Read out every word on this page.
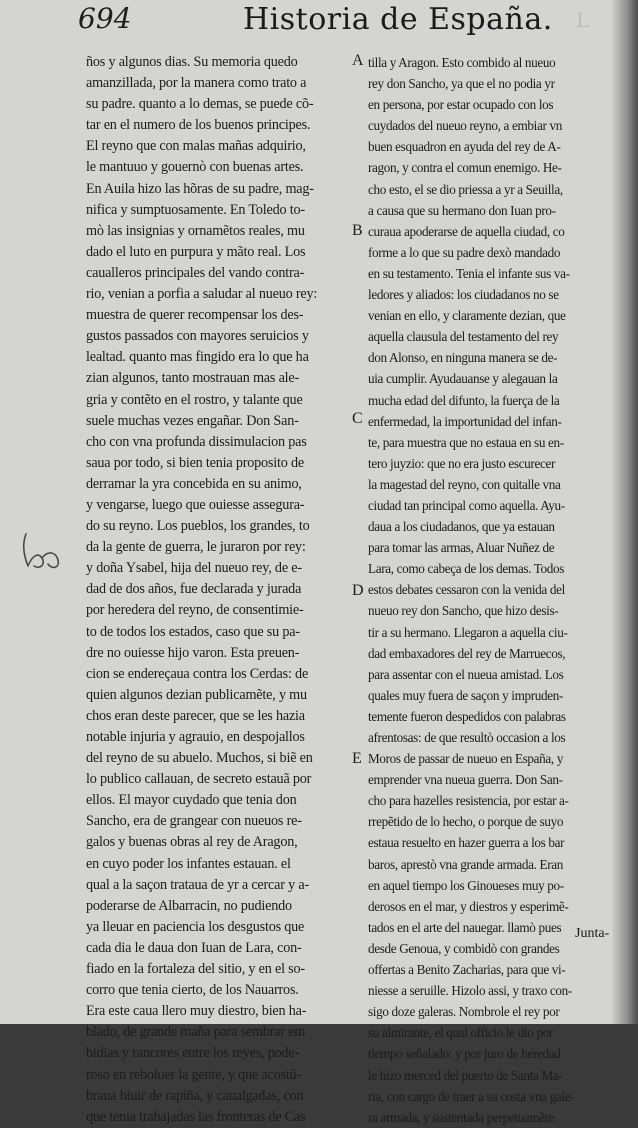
694	Historia de España. L
ños y algunos dias. Su memoria quedo
amanzillada, por la manera como trato a
su padre. quanto a lo demas, se puede cõ-
tar en el numero de los buenos principes.
El reyno que con malas mañas adquirio,
le mantuuo y gouernò con buenas artes.
En Auila hizo las hõras de su padre, mag-
nifica y sumptuosamente. En Toledo to-
mò las insignias y ornamẽtos reales, mu
dado el luto en purpura y mãto real. Los
caualleros principales del vando contra-
rio, venian a porfia a saludar al nueuo rey:
muestra de querer recompensar los des-
gustos passados con mayores seruicios y
lealtad. quanto mas fingido era lo que ha
zian algunos, tanto mostrauan mas ale-
gria y contẽto en el rostro, y talante que
suele muchas vezes engañar. Don San-
cho con vna profunda dissimulacion pas
saua por todo, si bien tenia proposito de
derramar la yra concebida en su animo,
y vengarse, luego que ouiesse assegura-
do su reyno. Los pueblos, los grandes, to
da la gente de guerra, le juraron por rey:
y doña Ysabel, hija del nueuo rey, de e-
dad de dos años, fue declarada y jurada
por heredera del reyno, de consentimie-
to de todos los estados, caso que su pa-
dre no ouiesse hijo varon. Esta preuen-
cion se endereçaua contra los Cerdas: de
quien algunos dezian publicamẽte, y mu
chos eran deste parecer, que se les hazia
notable injuria y agrauio, en despojallos
del reyno de su abuelo. Muchos, si biẽ en
lo publico callauan, de secreto estauã por
ellos. El mayor cuydado que tenia don
Sancho, era de grangear con nueuos re-
galos y buenas obras al rey de Aragon,
en cuyo poder los infantes estauan. el
qual a la saçon trataua de yr a cercar y a-
poderarse de Albarracin, no pudiendo
ya lleuar en paciencia los desgustos que
cada dia le daua don Iuan de Lara, con-
fiado en la fortaleza del sitio, y en el so-
corro que tenia cierto, de los Nauarros.
Era este caua llero muy diestro, bien ha-
blado, de grande maña para sembrar em
bidias y rancores entre los reyes, pode-
roso en reboluer la gente, y que acostũ-
braua biuir de rapiña, y caualgadas, con
que tenia trabajadas las fronteras de Cas
tilla y Aragon. Esto combido al nueuo
rey don Sancho, ya que el no podia yr
en persona, por estar ocupado con los
cuydados del nueuo reyno, a embiar vn
buen esquadron en ayuda del rey de A-
ragon, y contra el comun enemigo. He-
cho esto, el se dio priessa a yr a Seuilla,
a causa que su hermano don Iuan pro-
curaua apoderarse de aquella ciudad, co
forme a lo que su padre dexò mandado
en su testamento. Tenia el infante sus va-
ledores y aliados: los ciudadanos no se
venian en ello, y claramente dezian, que
aquella clausula del testamento del rey
don Alonso, en ninguna manera se de-
uia cumplir. Ayudauanse y alegauan la
mucha edad del difunto, la fuerça de la
enfermedad, la importunidad del infan-
te, para muestra que no estaua en su en-
tero juyzio: que no era justo escurecer
la magestad del reyno, con quitalle vna
ciudad tan principal como aquella. Ayu-
daua a los ciudadanos, que ya estauan
para tomar las armas, Aluar Nuñez de
Lara, como cabeça de los demas. Todos
estos debates cessaron con la venida del
nueuo rey don Sancho, que hizo desis-
tir a su hermano. Llegaron a aquella ciu-
dad embaxadores del rey de Marruecos,
para assentar con el nueua amistad. Los
quales muy fuera de saçon y impruden-
temente fueron despedidos con palabras
afrentosas: de que resultò occasion a los
Moros de passar de nueuo en España, y
emprender vna nueua guerra. Don San-
cho para hazelles resistencia, por estar a-
rrepẽtido de lo hecho, o porque de suyo
estaua resuelto en hazer guerra a los bar
baros, aprestò vna grande armada. Eran
en aquel tiempo los Ginoueses muy po-
derosos en el mar, y diestros y esperimẽ-
tados en el arte del nauegar. llamò pues
desde Genoua, y combidò con grandes
offertas a Benito Zacharias, para que vi-
niesse a seruille. Hizolo assi, y traxo con-
sigo doze galeras. Nombrole el rey por
su almirante, el qual officio le dio por
tiempo señalado: y por juro de heredad
le hizo merced del puerto de Santa Ma-
ria, con cargo de traer a su costa vna gale-
ra armada, y sustentada perpetuamẽte.
A
B
C
D
E
Junta-
